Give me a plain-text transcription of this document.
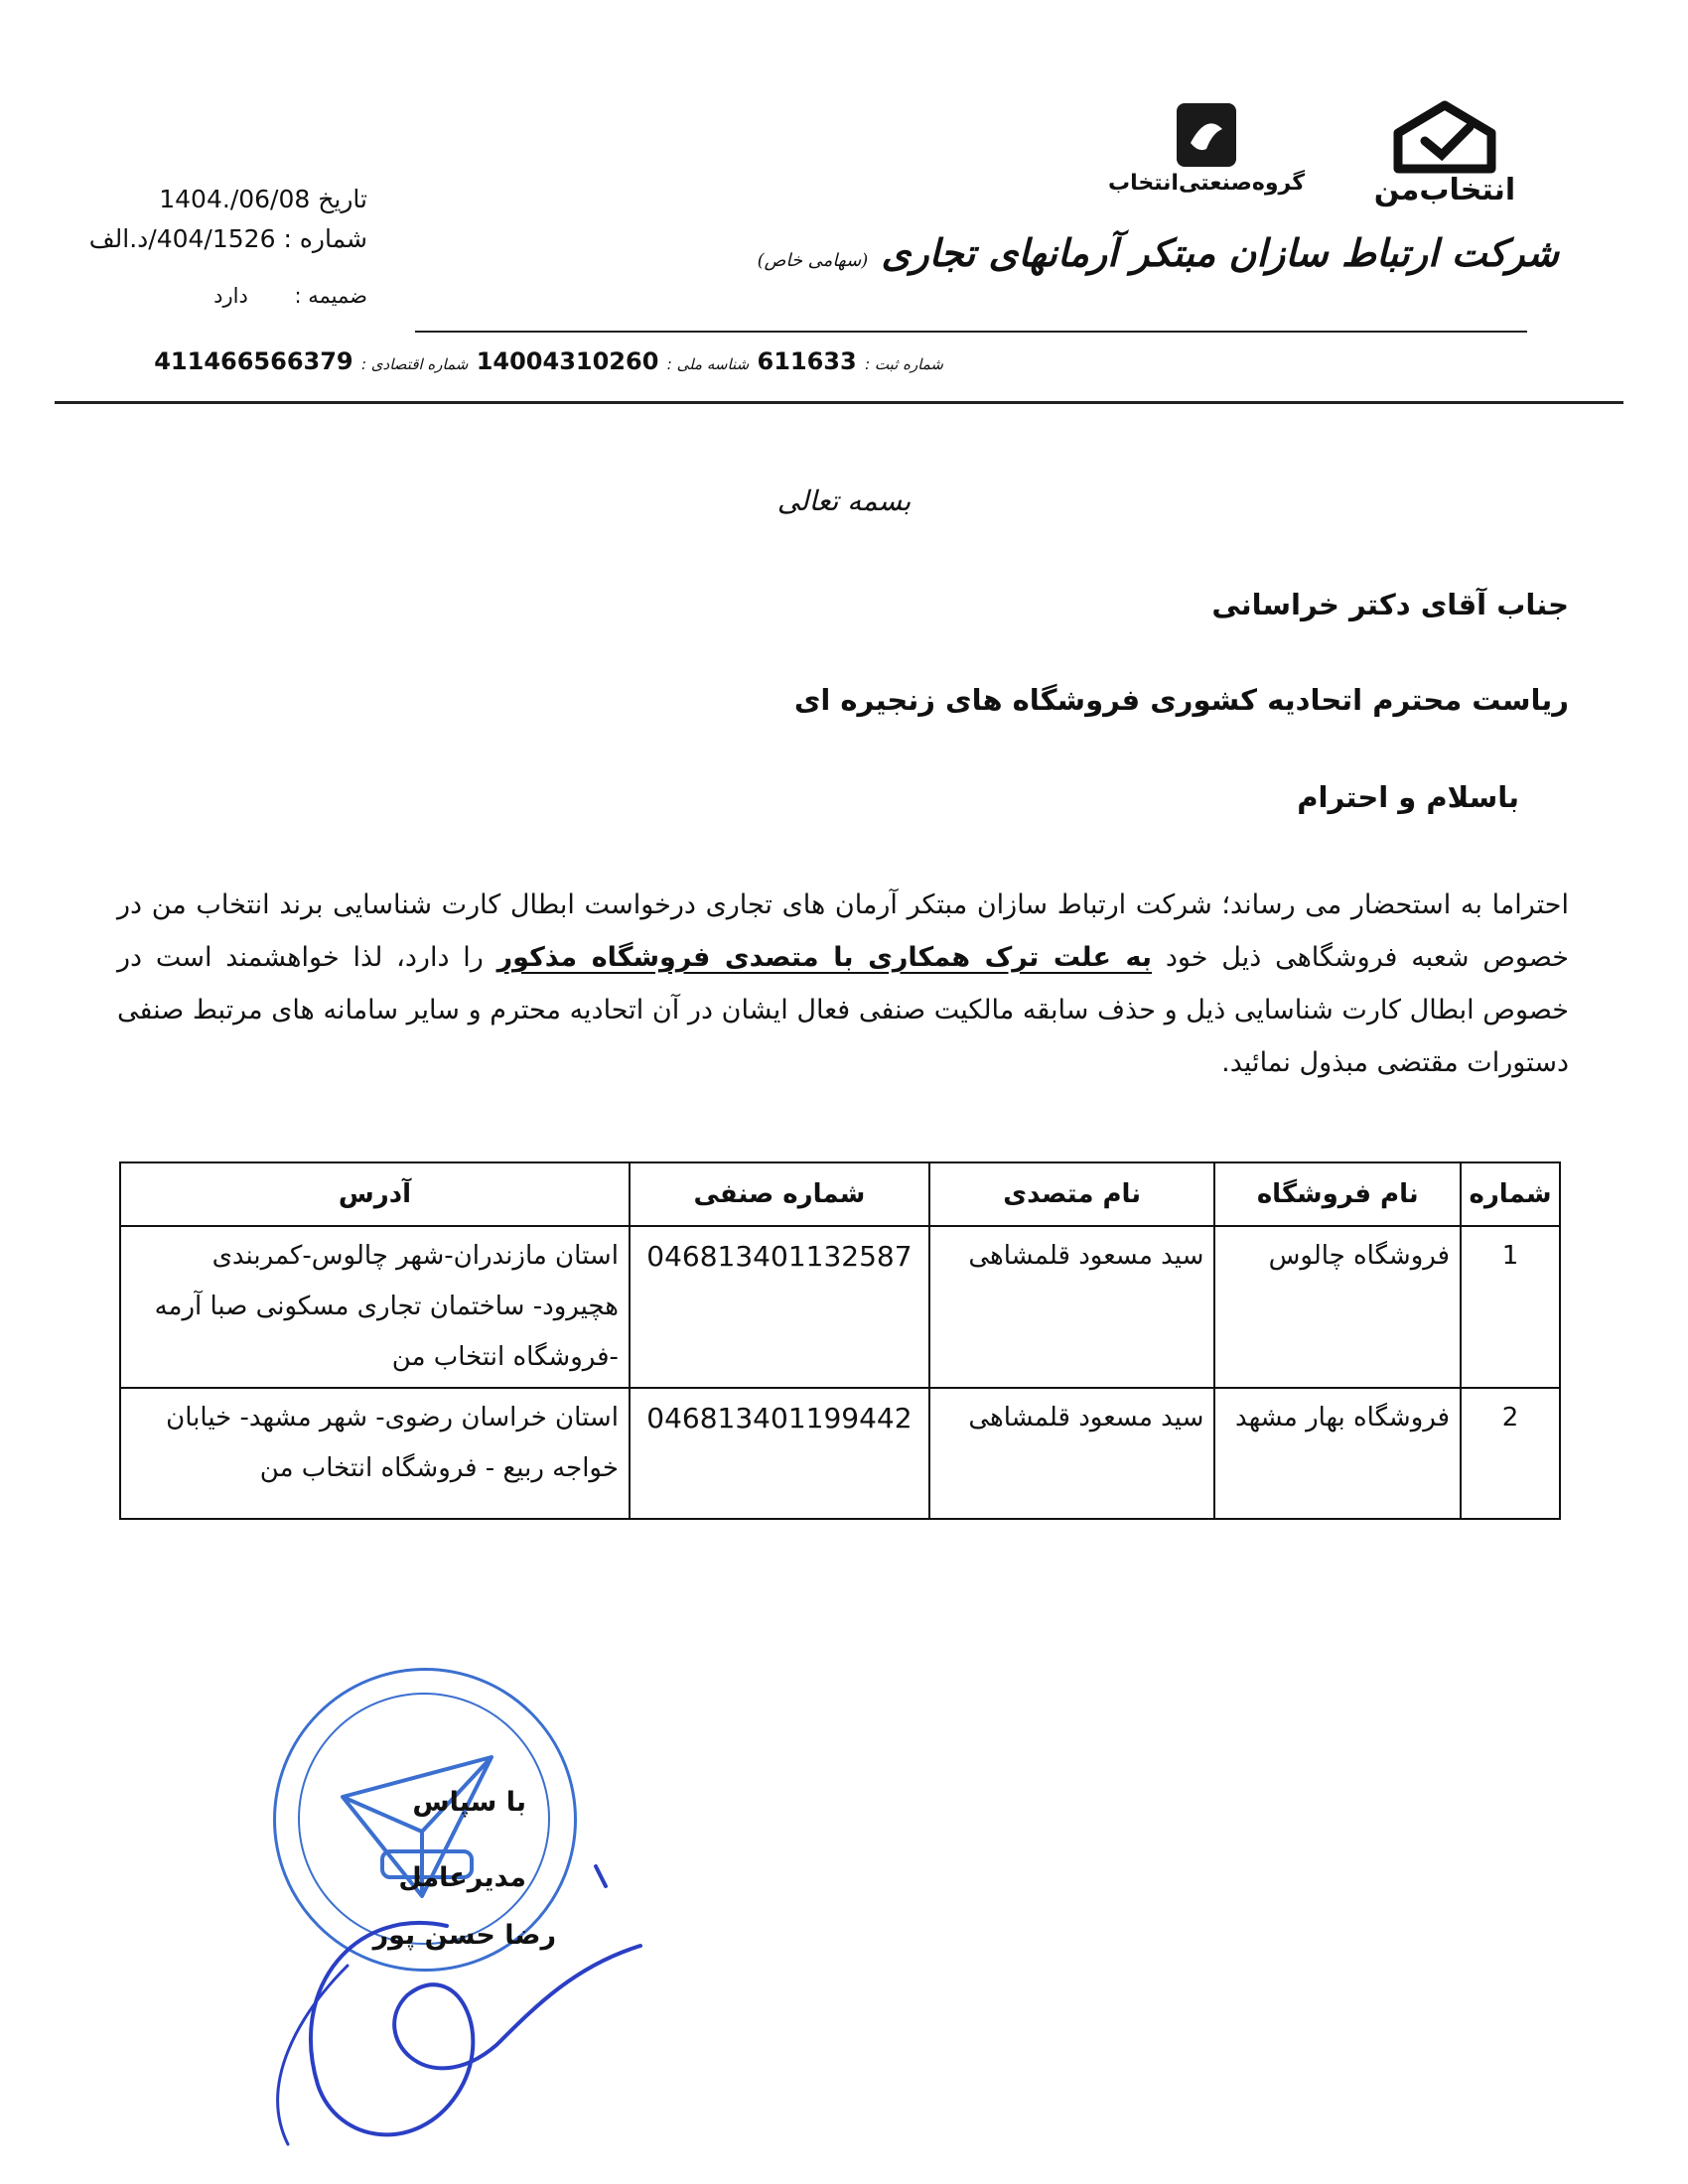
انتخاب‌من
گروه‌صنعتی‌انتخاب
شرکت ارتباط سازان مبتکر آرمانهای تجاری (سهامی خاص)
تاریخ 1404./06/08
شماره : 404/1526/د.الف
ضمیمه : دارد
شماره ثبت : 611633 شناسه ملی : 14004310260 شماره اقتصادی : 411466566379
بسمه تعالی
جناب آقای دکتر خراسانی
ریاست محترم اتحادیه کشوری فروشگاه های زنجیره ای
باسلام و احترام
احتراما به استحضار می رساند؛ شرکت ارتباط سازان مبتکر آرمان های تجاری درخواست ابطال کارت شناسایی برند انتخاب من در خصوص شعبه فروشگاهی ذیل خود به علت ترک همکاری با متصدی فروشگاه مذکور را دارد، لذا خواهشمند است در خصوص ابطال کارت شناسایی ذیل و حذف سابقه مالکیت صنفی فعال ایشان در آن اتحادیه محترم و سایر سامانه های مرتبط صنفی دستورات مقتضی مبذول نمائید.
شماره	نام فروشگاه	نام متصدی	شماره صنفی	آدرس
1	فروشگاه چالوس	سید مسعود قلمشاهی	046813401132587	استان مازندران-شهر چالوس-کمربندی هچیرود- ساختمان تجاری مسکونی صبا آرمه -فروشگاه انتخاب من
2	فروشگاه بهار مشهد	سید مسعود قلمشاهی	046813401199442	استان خراسان رضوی- شهر مشهد- خیابان خواجه ربیع - فروشگاه انتخاب من
با سپاس
مدیرعامل
رضا حسن پور
